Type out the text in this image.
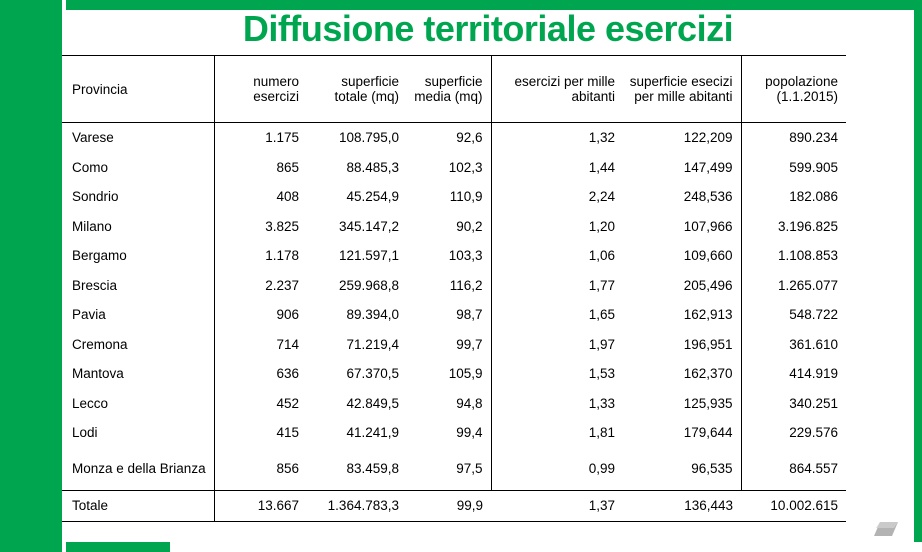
Diffusione territoriale esercizi
Provincia	numero esercizi	superficie totale (mq)	superficie media (mq)	esercizi per mille abitanti	superficie esecizi per mille abitanti	popolazione (1.1.2015)
Varese	1.175	108.795,0	92,6	1,32	122,209	890.234
Como	865	88.485,3	102,3	1,44	147,499	599.905
Sondrio	408	45.254,9	110,9	2,24	248,536	182.086
Milano	3.825	345.147,2	90,2	1,20	107,966	3.196.825
Bergamo	1.178	121.597,1	103,3	1,06	109,660	1.108.853
Brescia	2.237	259.968,8	116,2	1,77	205,496	1.265.077
Pavia	906	89.394,0	98,7	1,65	162,913	548.722
Cremona	714	71.219,4	99,7	1,97	196,951	361.610
Mantova	636	67.370,5	105,9	1,53	162,370	414.919
Lecco	452	42.849,5	94,8	1,33	125,935	340.251
Lodi	415	41.241,9	99,4	1,81	179,644	229.576
Monza e della Brianza	856	83.459,8	97,5	0,99	96,535	864.557
Totale	13.667	1.364.783,3	99,9	1,37	136,443	10.002.615
